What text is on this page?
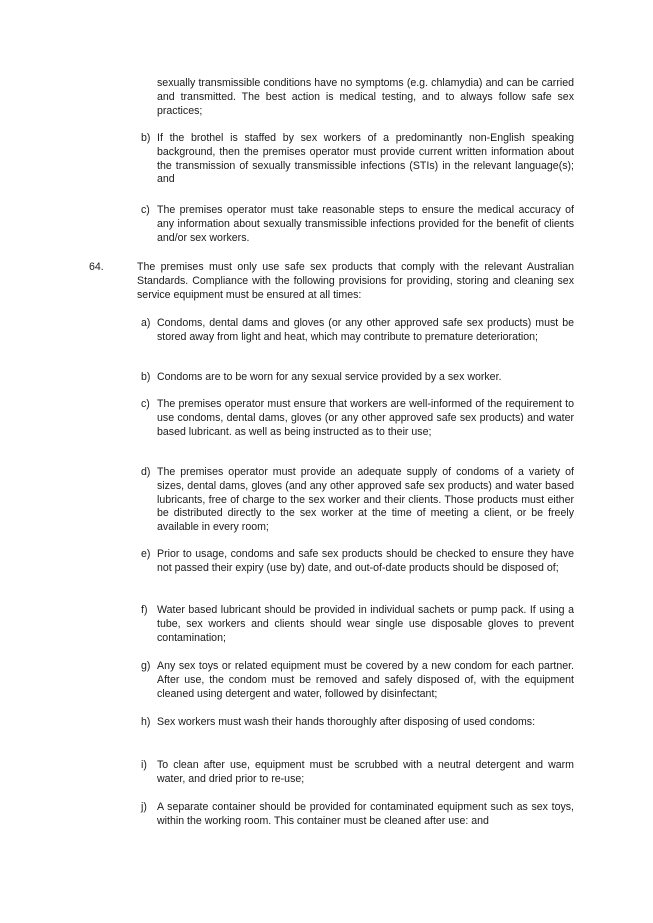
sexually transmissible conditions have no symptoms (e.g. chlamydia) and can be carried and transmitted. The best action is medical testing, and to always follow safe sex practices;
b) If the brothel is staffed by sex workers of a predominantly non-English speaking background, then the premises operator must provide current written information about the transmission of sexually transmissible infections (STIs) in the relevant language(s); and
c) The premises operator must take reasonable steps to ensure the medical accuracy of any information about sexually transmissible infections provided for the benefit of clients and/or sex workers.
64.	The premises must only use safe sex products that comply with the relevant Australian Standards. Compliance with the following provisions for providing, storing and cleaning sex service equipment must be ensured at all times:
a) Condoms, dental dams and gloves (or any other approved safe sex products) must be stored away from light and heat, which may contribute to premature deterioration;
b) Condoms are to be worn for any sexual service provided by a sex worker.
c) The premises operator must ensure that workers are well-informed of the requirement to use condoms, dental dams, gloves (or any other approved safe sex products) and water based lubricant. as well as being instructed as to their use;
d) The premises operator must provide an adequate supply of condoms of a variety of sizes, dental dams, gloves (and any other approved safe sex products) and water based lubricants, free of charge to the sex worker and their clients. Those products must either be distributed directly to the sex worker at the time of meeting a client, or be freely available in every room;
e) Prior to usage, condoms and safe sex products should be checked to ensure they have not passed their expiry (use by) date, and out-of-date products should be disposed of;
f) Water based lubricant should be provided in individual sachets or pump pack. If using a tube, sex workers and clients should wear single use disposable gloves to prevent contamination;
g) Any sex toys or related equipment must be covered by a new condom for each partner. After use, the condom must be removed and safely disposed of, with the equipment cleaned using detergent and water, followed by disinfectant;
h) Sex workers must wash their hands thoroughly after disposing of used condoms:
i) To clean after use, equipment must be scrubbed with a neutral detergent and warm water, and dried prior to re-use;
j) A separate container should be provided for contaminated equipment such as sex toys, within the working room. This container must be cleaned after use: and
